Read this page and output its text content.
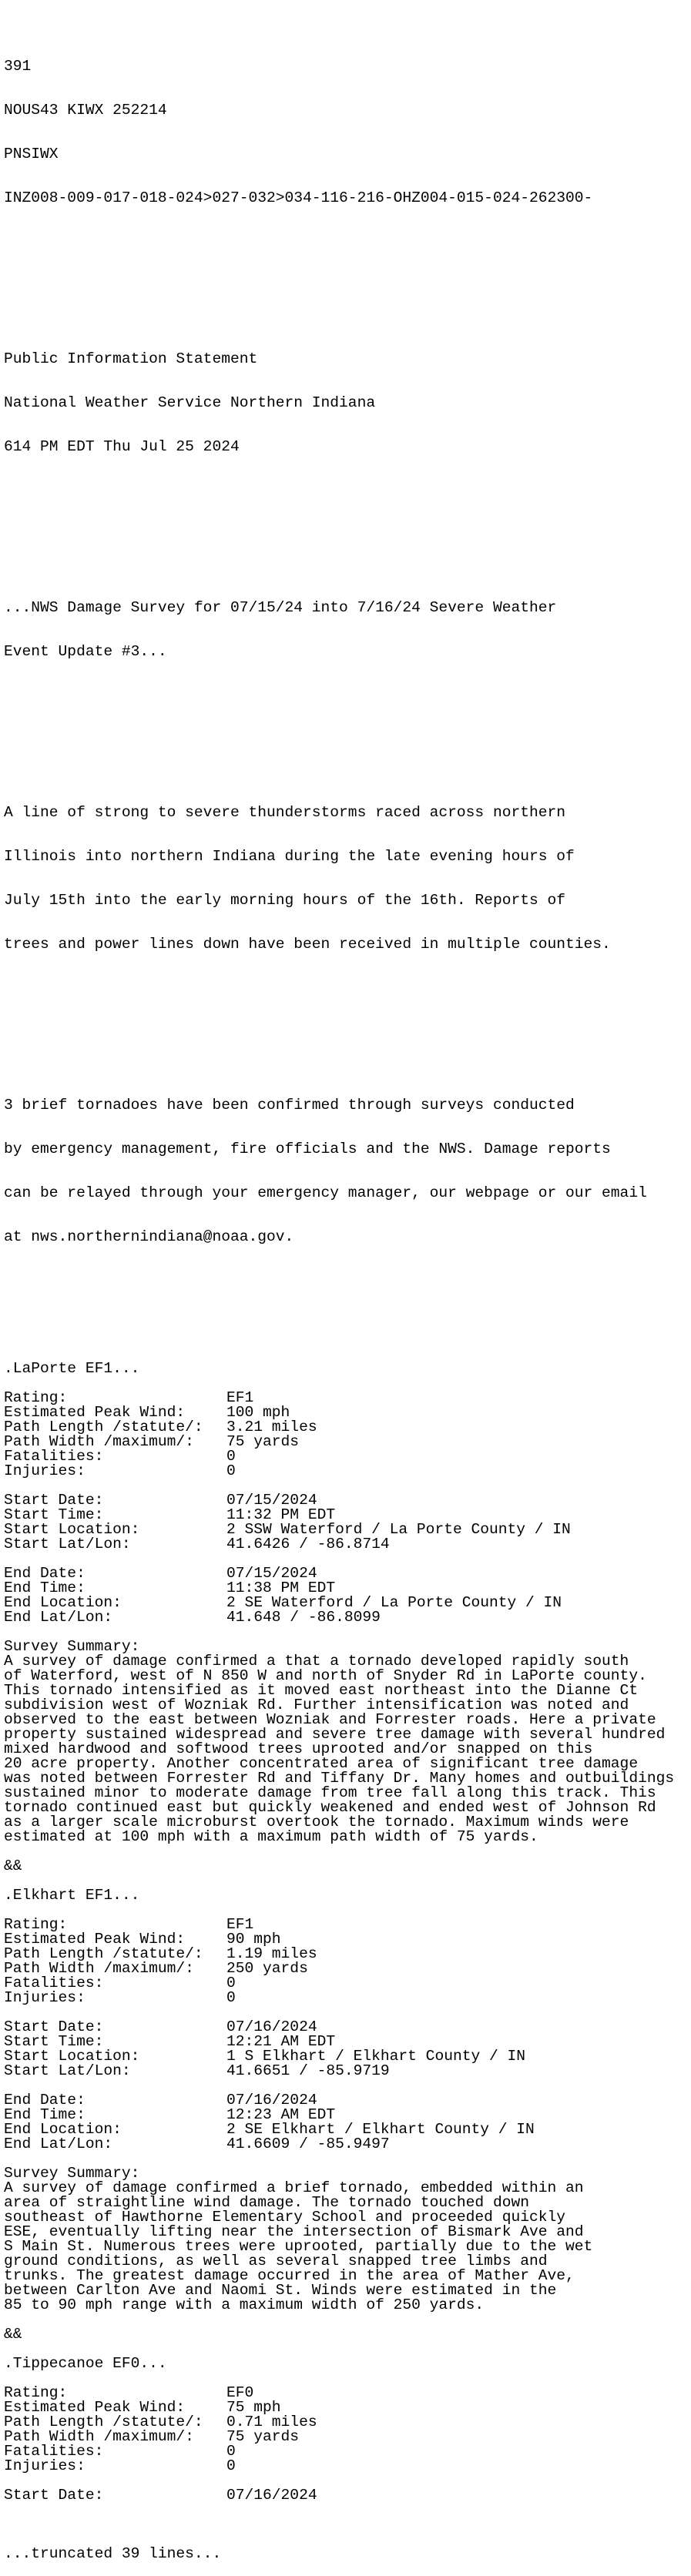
391

NOUS43 KIWX 252214

PNSIWX

INZ008-009-017-018-024>027-032>034-116-216-OHZ004-015-024-262300-

Public Information Statement

National Weather Service Northern Indiana

614 PM EDT Thu Jul 25 2024

...NWS Damage Survey for 07/15/24 into 7/16/24 Severe Weather

Event Update #3...

A line of strong to severe thunderstorms raced across northern

Illinois into northern Indiana during the late evening hours of

July 15th into the early morning hours of the 16th. Reports of

trees and power lines down have been received in multiple counties.

3 brief tornadoes have been confirmed through surveys conducted

by emergency management, fire officials and the NWS. Damage reports

can be relayed through your emergency manager, our webpage or our email

at nws.northernindiana@noaa.gov.

.LaPorte EF1...
Rating:	EF1
Estimated Peak Wind:	100 mph
Path Length /statute/: 3.21 miles
Path Width /maximum/: 75 yards
Fatalities:	0
Injuries:	0
Start Date:	07/15/2024
Start Time:	11:32 PM EDT
Start Location:	2 SSW Waterford / La Porte County / IN
Start Lat/Lon:	41.6426 / -86.8714
End Date:	07/15/2024
End Time:	11:38 PM EDT
End Location:	2 SE Waterford / La Porte County / IN
End Lat/Lon:	41.648 / -86.8099
Survey Summary:
A survey of damage confirmed a that a tornado developed rapidly south
of Waterford, west of N 850 W and north of Snyder Rd in LaPorte county.
This tornado intensified as it moved east northeast into the Dianne Ct
subdivision west of Wozniak Rd. Further intensification was noted and
observed to the east between Wozniak and Forrester roads. Here a private
property sustained widespread and severe tree damage with several hundred
mixed hardwood and softwood trees uprooted and/or snapped on this
20 acre property. Another concentrated area of significant tree damage
was noted between Forrester Rd and Tiffany Dr. Many homes and outbuildings
sustained minor to moderate damage from tree fall along this track. This
tornado continued east but quickly weakened and ended west of Johnson Rd
as a larger scale microburst overtook the tornado. Maximum winds were
estimated at 100 mph with a maximum path width of 75 yards.
&&
.Elkhart EF1...
Rating:	EF1
Estimated Peak Wind:	90 mph
Path Length /statute/: 1.19 miles
Path Width /maximum/: 250 yards
Fatalities:	0
Injuries:	0
Start Date:	07/16/2024
Start Time:	12:21 AM EDT
Start Location:	1 S Elkhart / Elkhart County / IN
Start Lat/Lon:	41.6651 / -85.9719
End Date:	07/16/2024
End Time:	12:23 AM EDT
End Location:	2 SE Elkhart / Elkhart County / IN
End Lat/Lon:	41.6609 / -85.9497
Survey Summary:
A survey of damage confirmed a brief tornado, embedded within an
area of straightline wind damage. The tornado touched down
southeast of Hawthorne Elementary School and proceeded quickly
ESE, eventually lifting near the intersection of Bismark Ave and
S Main St. Numerous trees were uprooted, partially due to the wet
ground conditions, as well as several snapped tree limbs and
trunks. The greatest damage occurred in the area of Mather Ave,
between Carlton Ave and Naomi St. Winds were estimated in the
85 to 90 mph range with a maximum width of 250 yards.
&&
.Tippecanoe EF0...
Rating:	EF0
Estimated Peak Wind:	75 mph
Path Length /statute/: 0.71 miles
Path Width /maximum/: 75 yards
Fatalities:	0
Injuries:	0
Start Date:	07/16/2024

...truncated 39 lines...
